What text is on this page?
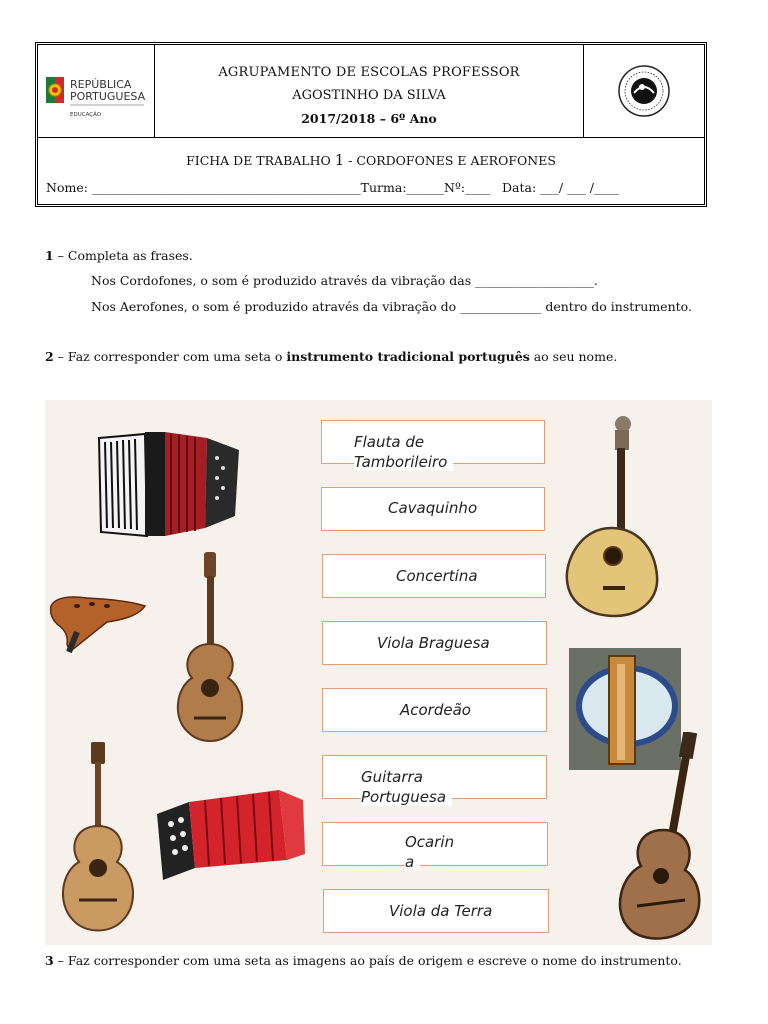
REPÚBLICA
PORTUGUESA
EDUCAÇÃO
AGRUPAMENTO DE ESCOLAS PROFESSOR
AGOSTINHO DA SILVA
2017/2018 – 6º Ano
FICHA DE TRABALHO 1 - CORDOFONES E AEROFONES
Nome: ___________________________________________Turma:______Nº:____ Data: ___/ ___ /____
1 – Completa as frases.
Nos Cordofones, o som é produzido através da vibração das ___________________.
Nos Aerofones, o som é produzido através da vibração do _____________ dentro do instrumento.
2 – Faz corresponder com uma seta o instrumento tradicional português ao seu nome.
Flauta de
Tamborileiro
Cavaquinho
Concertina
Viola Braguesa
Acordeão
Guitarra
Portuguesa
Ocarin
a
Viola da Terra
3 – Faz corresponder com uma seta as imagens ao país de origem e escreve o nome do instrumento.
